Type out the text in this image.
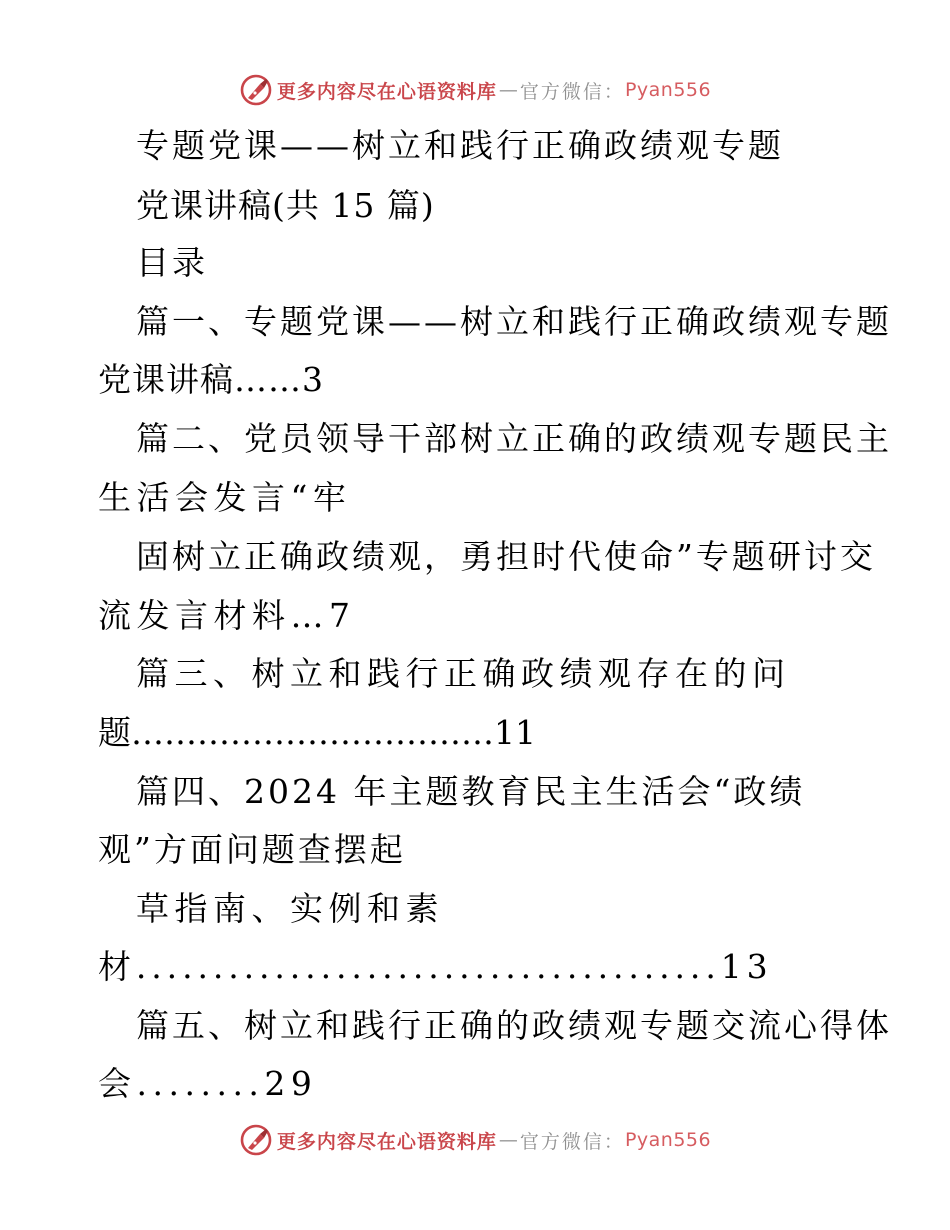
更多内容尽在心语资料库 — 官方微信： Pyan556
专题党课——树立和践行正确政绩观专题
党课讲稿(共 15 篇)
目录
篇一、专题党课——树立和践行正确政绩观专题
党课讲稿……3
篇二、党员领导干部树立正确的政绩观专题民主
生活会发言“牢
固树立正确政绩观，勇担时代使命”专题研讨交
流发言材料…7
篇三、树立和践行正确政绩观存在的问
题……………………………11
篇四、2024 年主题教育民主生活会“政绩
观”方面问题查摆起
草指南、实例和素
材......................................13
篇五、树立和践行正确的政绩观专题交流心得体
会........29
更多内容尽在心语资料库 — 官方微信： Pyan556
